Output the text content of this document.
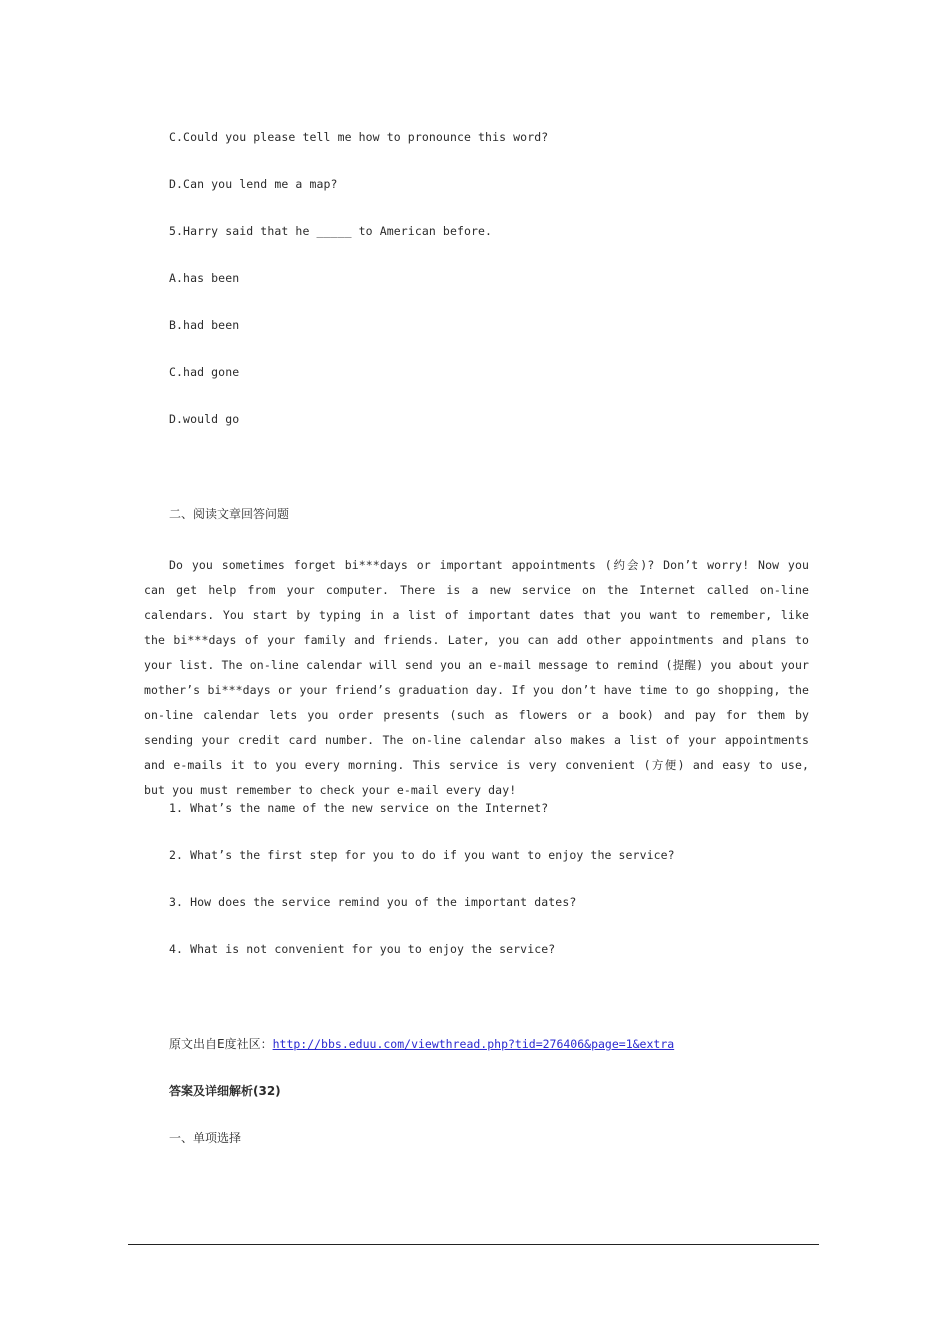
C.Could you please tell me how to pronounce this word?
D.Can you lend me a map?
5.Harry said that he _____ to American before.
A.has been
B.had been
C.had gone
D.would go
二、阅读文章回答问题

Do you sometimes forget bi***days or important appointments (约会)? Don’t worry! Now you can get help from your computer. There is a new service on the Internet called on-line calendars. You start by typing in a list of important dates that you want to remember, like the bi***days of your family and friends. Later, you can add other appointments and plans to your list. The on-line calendar will send you an e-mail message to remind (提醒) you about your mother’s bi***days or your friend’s graduation day. If you don’t have time to go shopping, the on-line calendar lets you order presents (such as flowers or a book) and pay for them by sending your credit card number. The on-line calendar also makes a list of your appointments and e-mails it to you every morning. This service is very convenient (方便) and easy to use, but you must remember to check your e-mail every day!

1. What’s the name of the new service on the Internet?
2. What’s the first step for you to do if you want to enjoy the service?
3. How does the service remind you of the important dates?
4. What is not convenient for you to enjoy the service?
原文出自E度社区：http://bbs.eduu.com/viewthread.php?tid=276406&page=1&extra
答案及详细解析(32)
一、单项选择
